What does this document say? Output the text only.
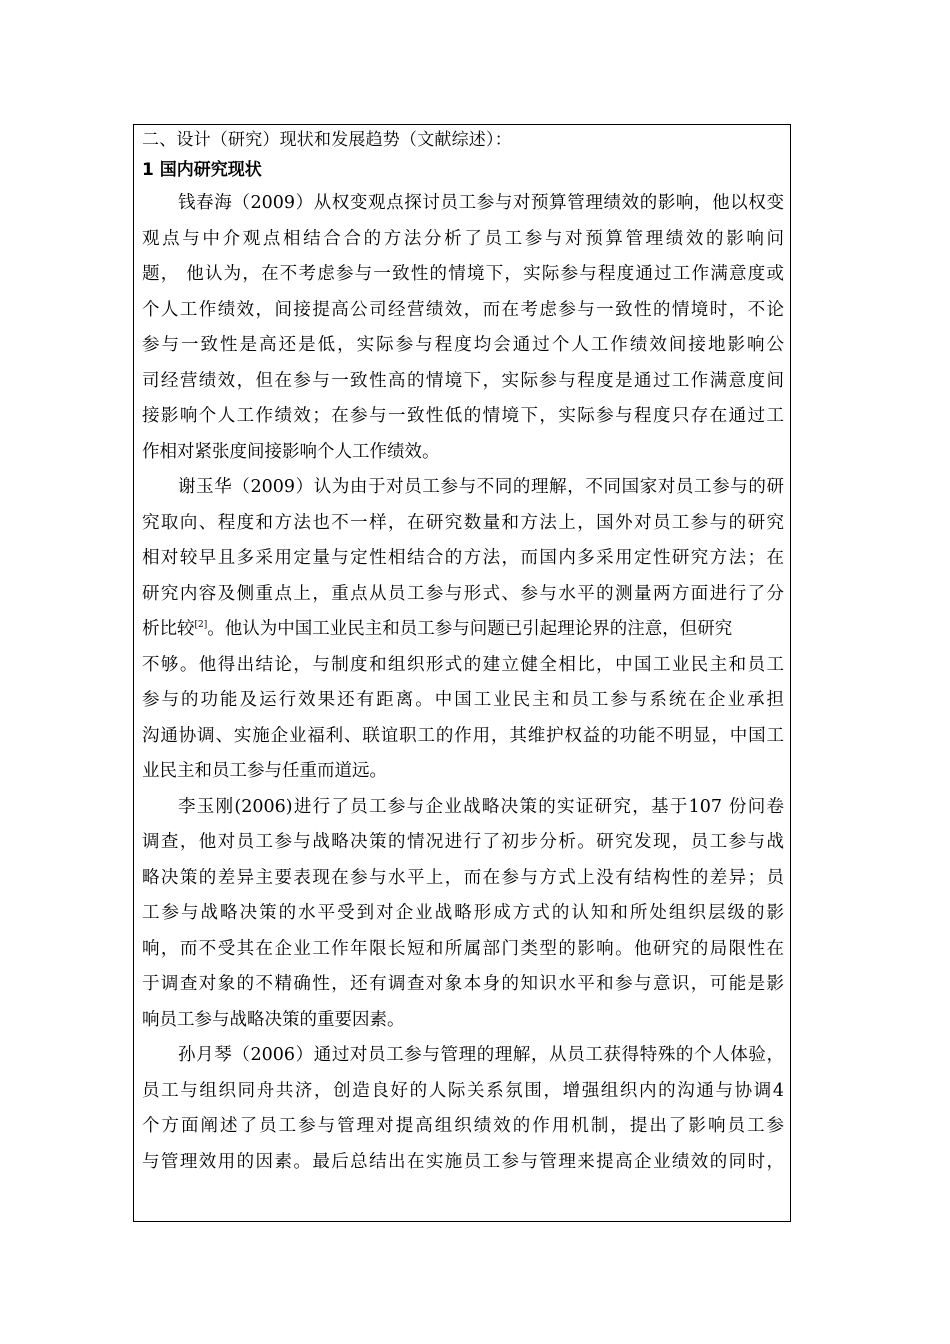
二、设计（研究）现状和发展趋势（文献综述）：

1 国内研究现状

钱春海（2009）从权变观点探讨员工参与对预算管理绩效的影响，他以权变
观点与中介观点相结合合的方法分析了员工参与对预算管理绩效的影响问
题， 他认为，在不考虑参与一致性的情境下，实际参与程度通过工作满意度或
个人工作绩效，间接提高公司经营绩效，而在考虑参与一致性的情境时，不论
参与一致性是高还是低，实际参与程度均会通过个人工作绩效间接地影响公
司经营绩效，但在参与一致性高的情境下，实际参与程度是通过工作满意度间
接影响个人工作绩效；在参与一致性低的情境下，实际参与程度只存在通过工
作相对紧张度间接影响个人工作绩效。
谢玉华（2009）认为由于对员工参与不同的理解，不同国家对员工参与的研
究取向、程度和方法也不一样，在研究数量和方法上，国外对员工参与的研究
相对较早且多采用定量与定性相结合的方法，而国内多采用定性研究方法；在
研究内容及侧重点上，重点从员工参与形式、参与水平的测量两方面进行了分
析比较[2]。他认为中国工业民主和员工参与问题已引起理论界的注意，但研究
不够。他得出结论，与制度和组织形式的建立健全相比，中国工业民主和员工
参与的功能及运行效果还有距离。中国工业民主和员工参与系统在企业承担
沟通协调、实施企业福利、联谊职工的作用，其维护权益的功能不明显，中国工
业民主和员工参与任重而道远。
李玉刚(2006)进行了员工参与企业战略决策的实证研究，基于107 份问卷
调查，他对员工参与战略决策的情况进行了初步分析。研究发现，员工参与战
略决策的差异主要表现在参与水平上，而在参与方式上没有结构性的差异；员
工参与战略决策的水平受到对企业战略形成方式的认知和所处组织层级的影
响，而不受其在企业工作年限长短和所属部门类型的影响。他研究的局限性在
于调查对象的不精确性，还有调查对象本身的知识水平和参与意识，可能是影
响员工参与战略决策的重要因素。
孙月琴（2006）通过对员工参与管理的理解，从员工获得特殊的个人体验，
员工与组织同舟共济，创造良好的人际关系氛围，增强组织内的沟通与协调4
个方面阐述了员工参与管理对提高组织绩效的作用机制，提出了影响员工参
与管理效用的因素。最后总结出在实施员工参与管理来提高企业绩效的同时，
